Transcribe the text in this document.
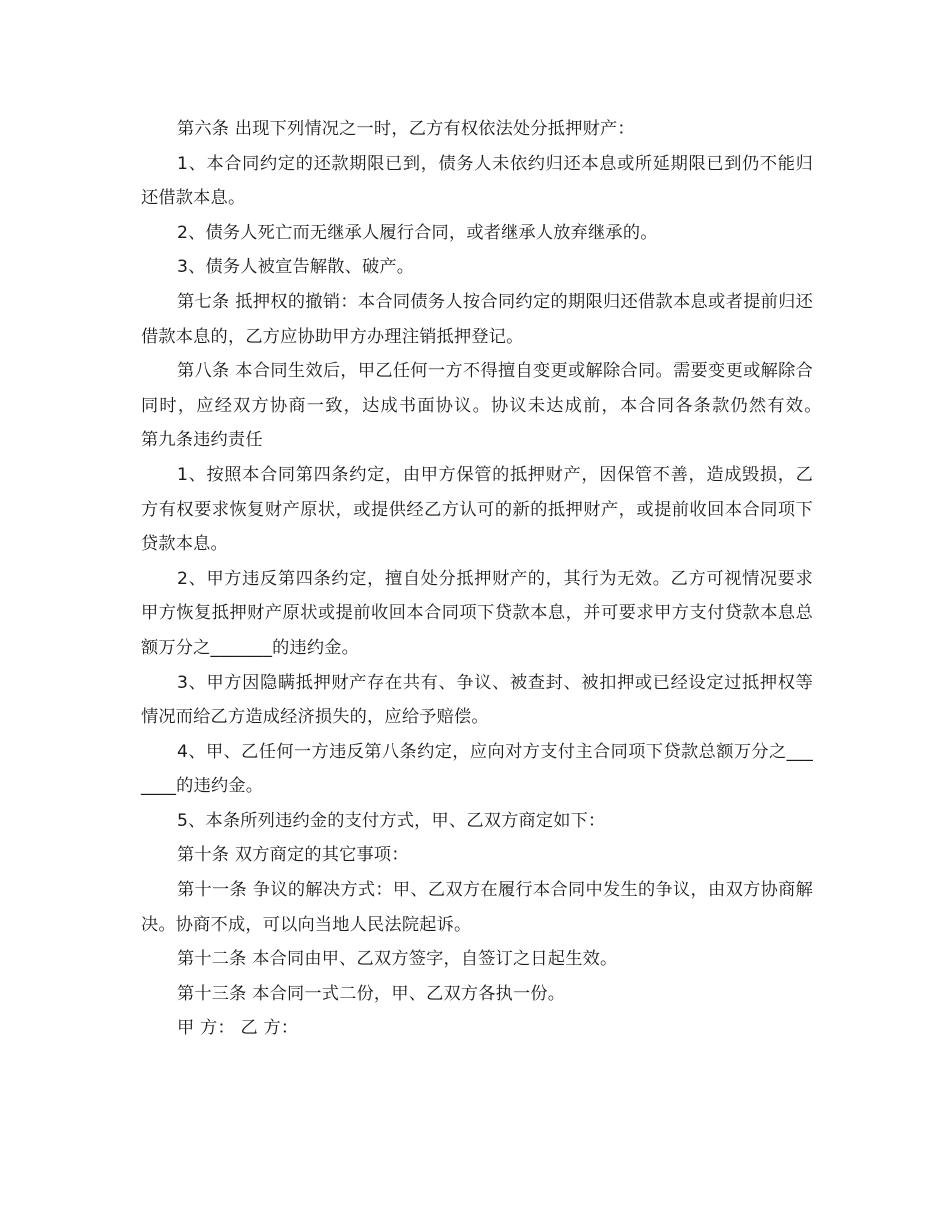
第六条 出现下列情况之一时，乙方有权依法处分抵押财产：

1、本合同约定的还款期限已到，债务人未依约归还本息或所延期限已到仍不能归还借款本息。

2、债务人死亡而无继承人履行合同，或者继承人放弃继承的。

3、债务人被宣告解散、破产。

第七条 抵押权的撤销：本合同债务人按合同约定的期限归还借款本息或者提前归还借款本息的，乙方应协助甲方办理注销抵押登记。

第八条 本合同生效后，甲乙任何一方不得擅自变更或解除合同。需要变更或解除合同时，应经双方协商一致，达成书面协议。协议未达成前，本合同各条款仍然有效。　 第九条违约责任

1、按照本合同第四条约定，由甲方保管的抵押财产，因保管不善，造成毁损，乙方有权要求恢复财产原状，或提供经乙方认可的新的抵押财产，或提前收回本合同项下贷款本息。

2、甲方违反第四条约定，擅自处分抵押财产的，其行为无效。乙方可视情况要求甲方恢复抵押财产原状或提前收回本合同项下贷款本息，并可要求甲方支付贷款本息总额万分之_______的违约金。

3、甲方因隐瞒抵押财产存在共有、争议、被查封、被扣押或已经设定过抵押权等情况而给乙方造成经济损失的，应给予赔偿。

4、甲、乙任何一方违反第八条约定，应向对方支付主合同项下贷款总额万分之_______的违约金。

5、本条所列违约金的支付方式，甲、乙双方商定如下：

第十条 双方商定的其它事项：

第十一条 争议的解决方式：甲、乙双方在履行本合同中发生的争议，由双方协商解决。协商不成，可以向当地人民法院起诉。

第十二条 本合同由甲、乙双方签字，自签订之日起生效。

第十三条 本合同一式二份，甲、乙双方各执一份。

甲 方： 乙 方：
